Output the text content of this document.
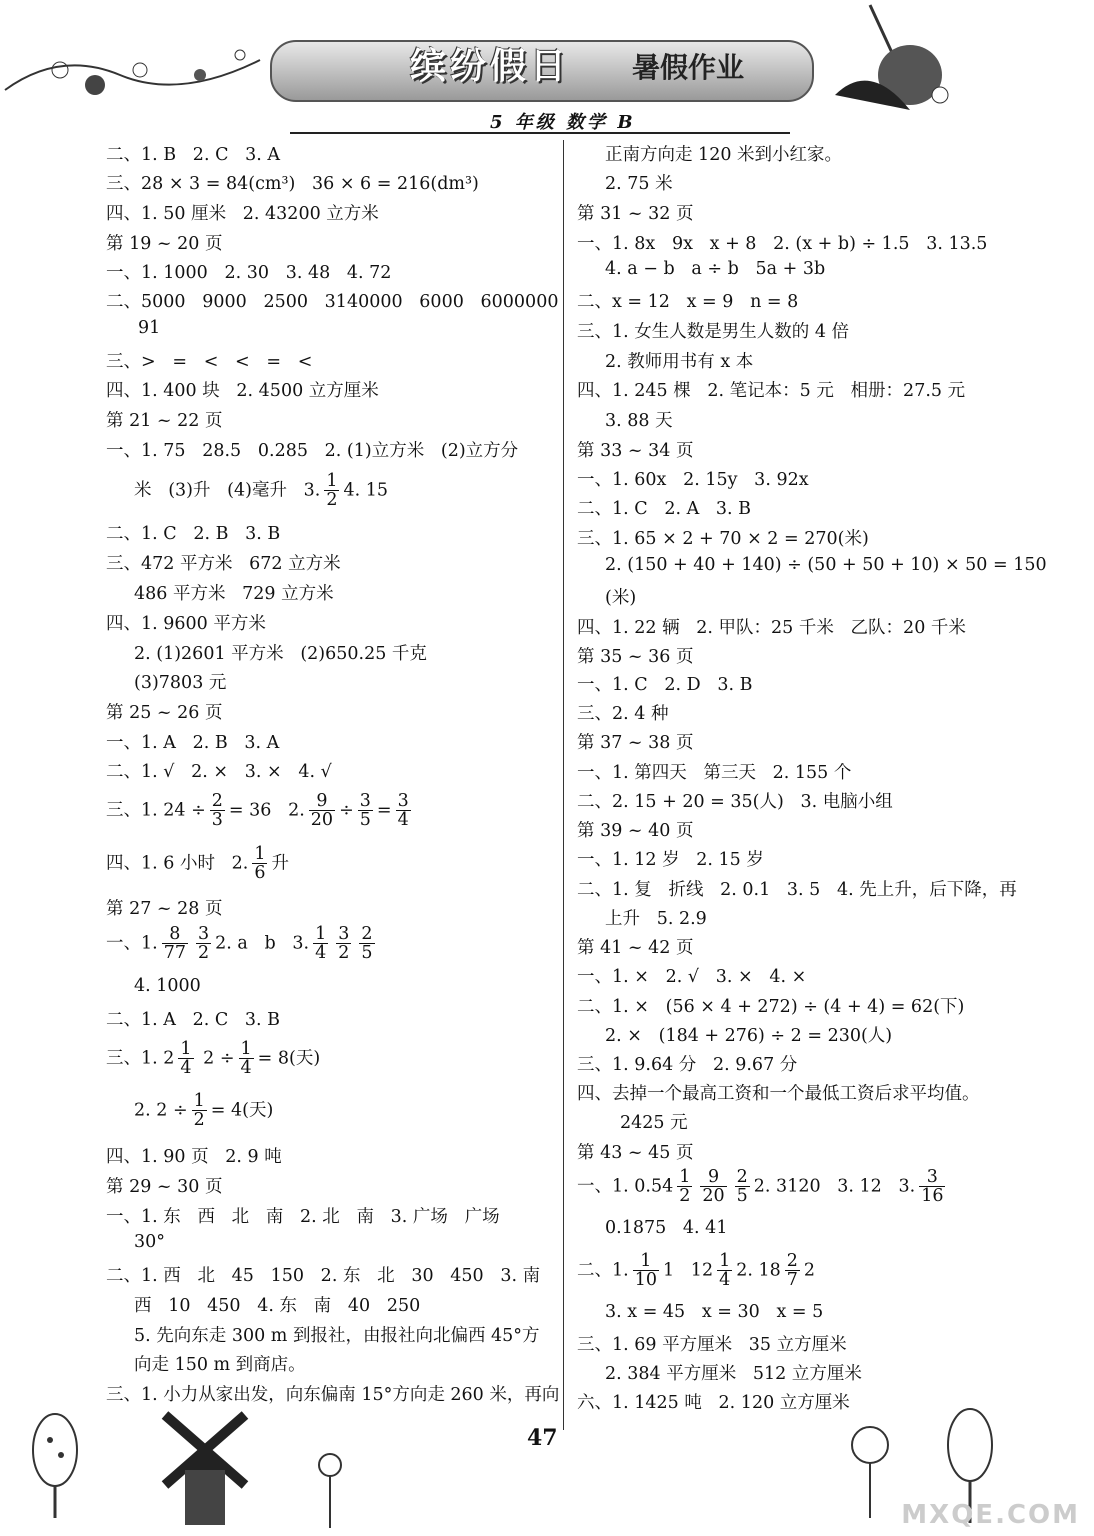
缤纷假日 暑假作业
5 年级 数学 B
二、1. B   2. C   3. A
三、28 × 3 = 84(cm³)   36 × 6 = 216(dm³)
四、1. 50 厘米   2. 43200 立方米
第 19 ~ 20 页
一、1. 1000   2. 30   3. 48   4. 72
二、5000   9000   2500   3140000   6000   6000000
91
三、>   =   <   <   =   <
四、1. 400 块   2. 4500 立方厘米
第 21 ~ 22 页
一、1. 75   28.5   0.285   2. (1)立方米   (2)立方分
米   (3)升   (4)毫升   3. $\frac{1}{2} 4$. 15
二、1. C   2. B   3. B
三、472 平方米   672 立方米
486 平方米   729 立方米
四、1. 9600 平方米
2. (1)2601 平方米   (2)650.25 千克
(3)7803 元
第 25 ~ 26 页
一、1. A   2. B   3. A
二、1. √   2. ×   3. ×   4. √
三、1. $24 \div \frac{2}{3} = 36$   2. $\frac{9}{20} \div \frac{3}{5} = \frac{3}{4}$
四、1. 6 小时   2. $\frac{1}{6}$ 升
第 27 ~ 28 页
一、1. $\frac{8}{77} \frac{3}{2} 2$. a   b   3. $\frac{1}{4} \frac{3}{2} \frac{2}{5}$
4. 1000
二、1. A   2. C   3. B
三、1. $2 \frac{1}{4} 2 \div \frac{1}{4} = 8$(天)
2. $2 \div \frac{1}{2} = 4$(天)
四、1. 90 页   2. 9 吨
第 29 ~ 30 页
一、1. 东   西   北   南   2. 北   南   3. 广场   广场
30°
二、1. 西   北   45   150   2. 东   北   30   450   3. 南
西   10   450   4. 东   南   40   250
5. 先向东走 300 m 到报社，由报社向北偏西 45°方
向走 150 m 到商店。
三、1. 小力从家出发，向东偏南 15°方向走 260 米，再向
正南方向走 120 米到小红家。
2. 75 米
第 31 ~ 32 页
一、1. 8x   9x   x + 8   2. (x + b) ÷ 1.5   3. 13.5
4. a − b   a ÷ b   5a + 3b
二、x = 12   x = 9   n = 8
三、1. 女生人数是男生人数的 4 倍
2. 教师用书有 x 本
四、1. 245 棵   2. 笔记本：5 元   相册：27.5 元
3. 88 天
第 33 ~ 34 页
一、1. 60x   2. 15y   3. 92x
二、1. C   2. A   3. B
三、1. 65 × 2 + 70 × 2 = 270(米)
2. (150 + 40 + 140) ÷ (50 + 50 + 10) × 50 = 150
(米)
四、1. 22 辆   2. 甲队：25 千米   乙队：20 千米
第 35 ~ 36 页
一、1. C   2. D   3. B
三、2. 4 种
第 37 ~ 38 页
一、1. 第四天   第三天   2. 155 个
二、2. 15 + 20 = 35(人)   3. 电脑小组
第 39 ~ 40 页
一、1. 12 岁   2. 15 岁
二、1. 复   折线   2. 0.1   3. 5   4. 先上升，后下降，再
上升   5. 2.9
第 41 ~ 42 页
一、1. ×   2. √   3. ×   4. ×
二、1. ×   (56 × 4 + 272) ÷ (4 + 4) = 62(下)
2. ×   (184 + 276) ÷ 2 = 230(人)
三、1. 9.64 分   2. 9.67 分
四、去掉一个最高工资和一个最低工资后求平均值。
2425 元
第 43 ~ 45 页
一、1. $0.54 \frac{1}{2} \frac{9}{20} \frac{2}{5} 2$. 3120   3. 12   3. $\frac{3}{16}$
0.1875   4. 41
二、1. $\frac{1}{10} 1$   $12 \frac{1}{4} 2$. $18 \frac{2}{7} 2$
3. x = 45   x = 30   x = 5
三、1. 69 平方厘米   35 立方厘米
2. 384 平方厘米   512 立方厘米
六、1. 1425 吨   2. 120 立方厘米
47
MXQE.COM
